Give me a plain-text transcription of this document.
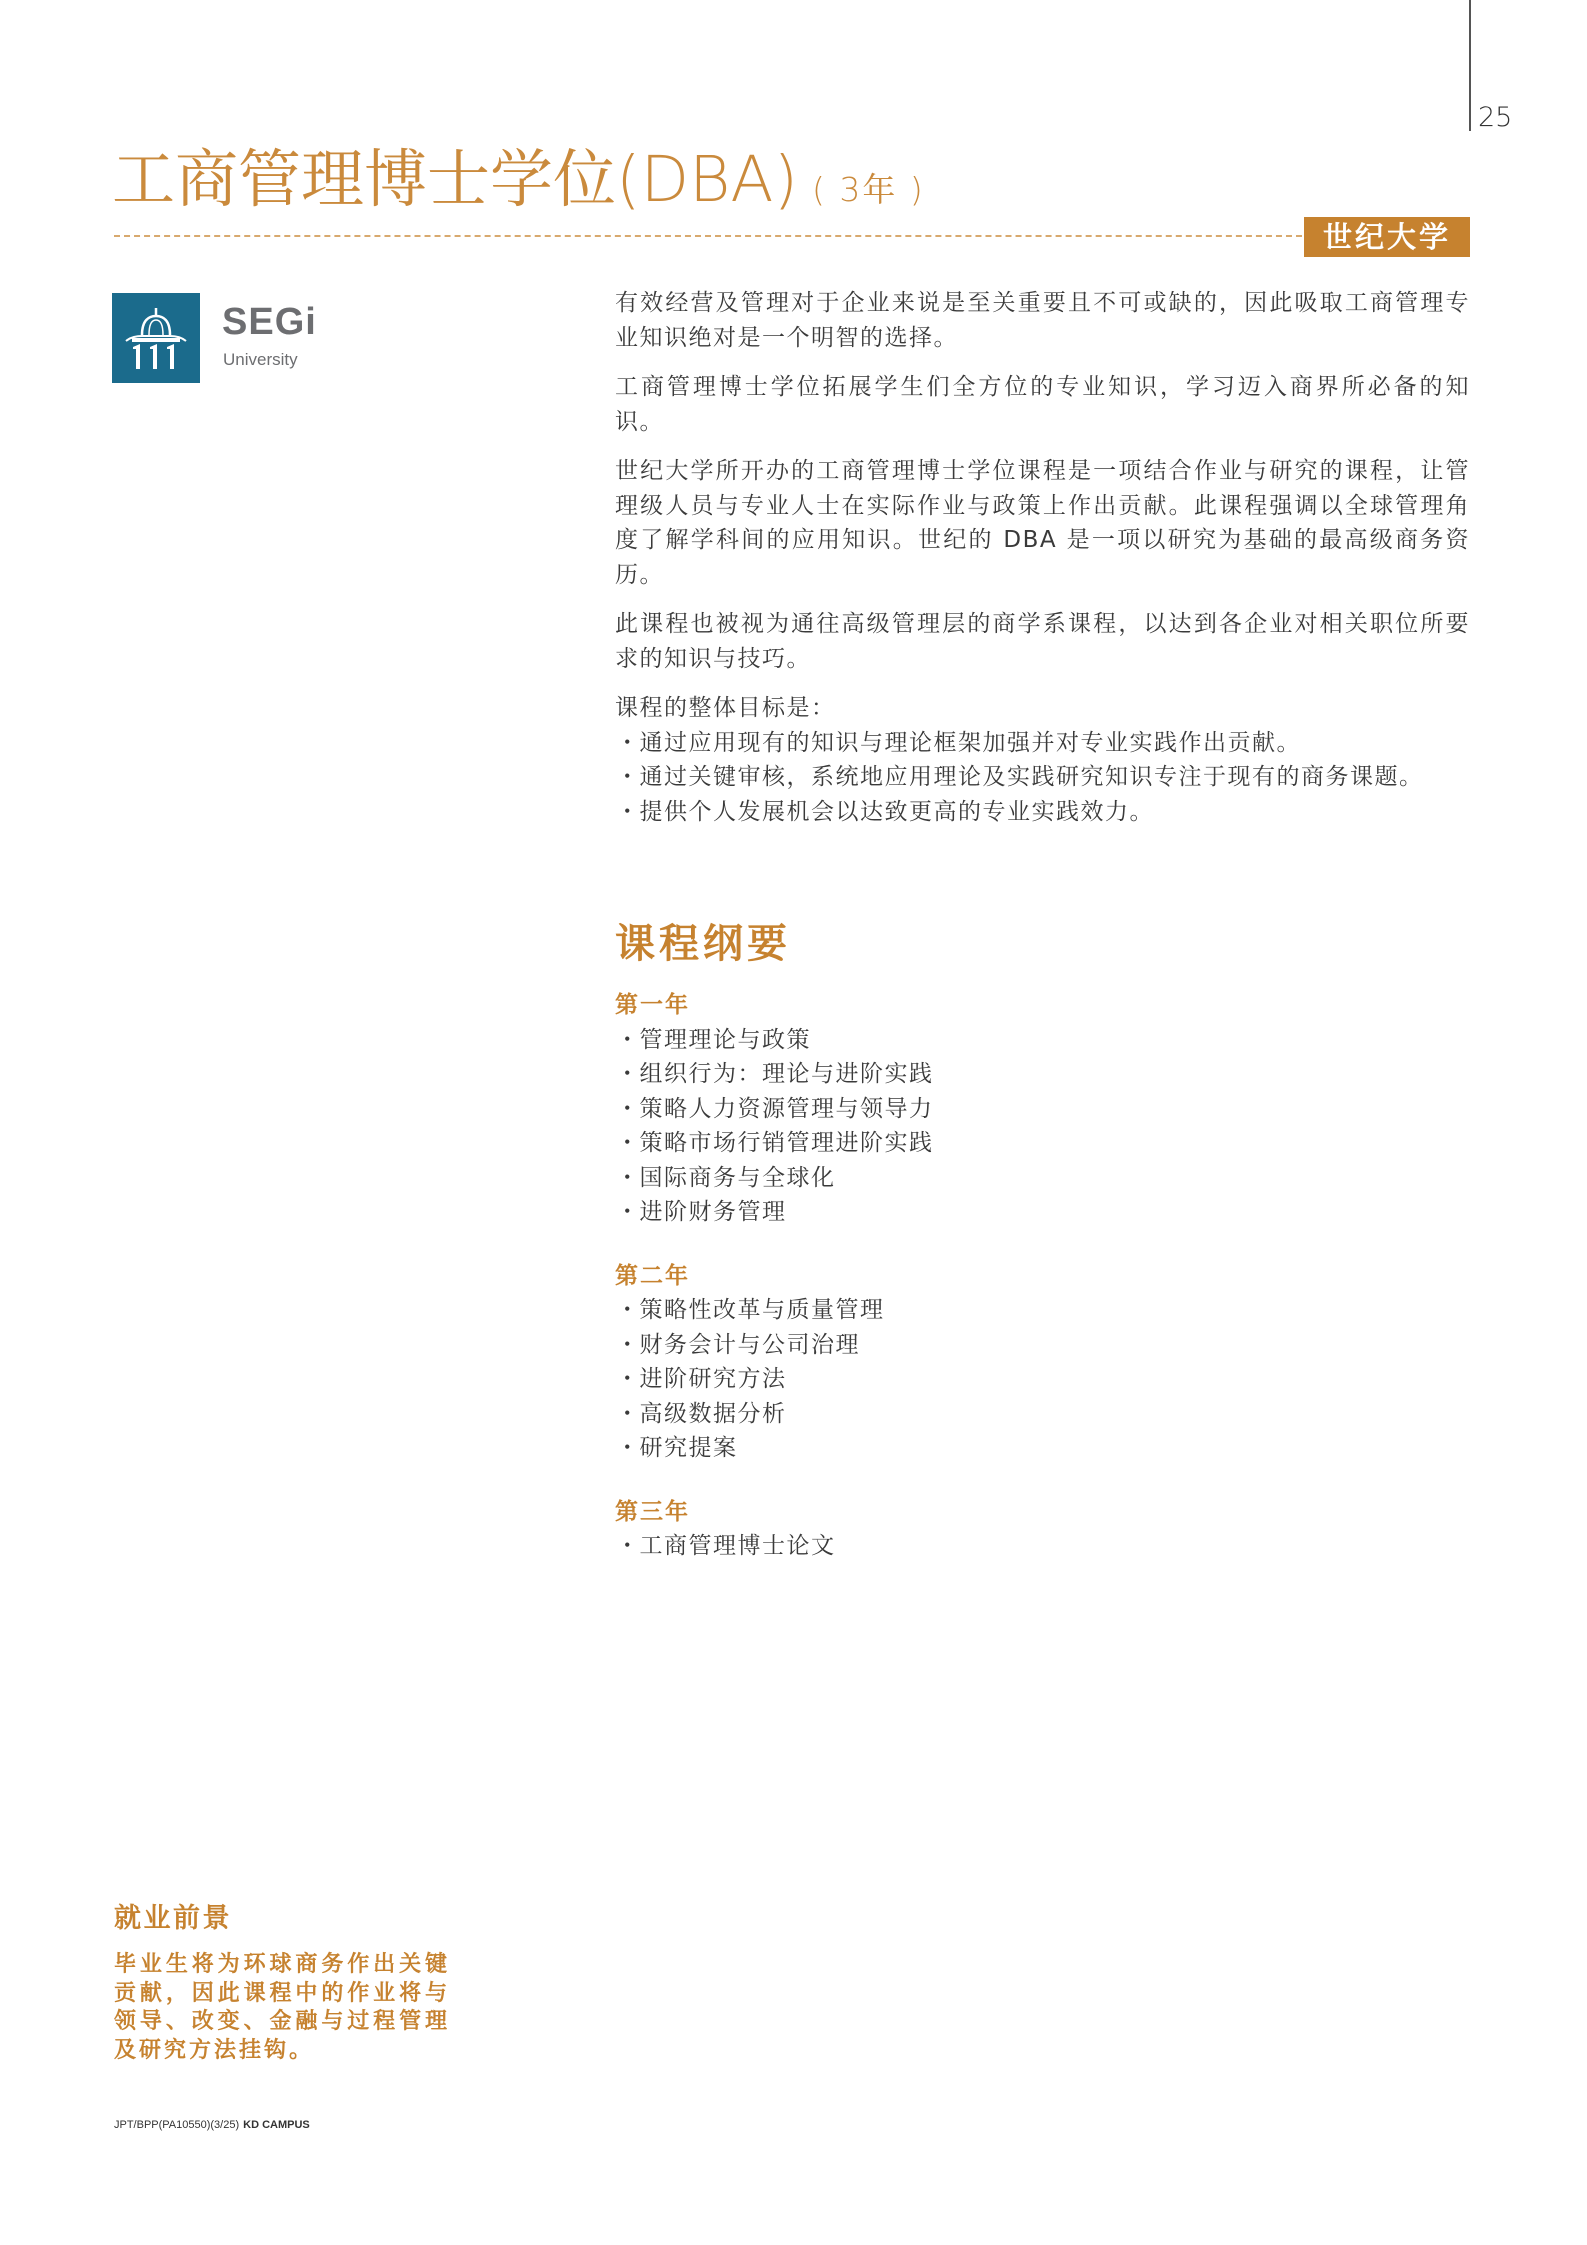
25
工商管理博士学位(DBA) ( 3年 )
世纪大学
SEGi
University
有效经营及管理对于企业来说是至关重要且不可或缺的，因此吸取工商管理专
业知识绝对是一个明智的选择。
工商管理博士学位拓展学生们全方位的专业知识，学习迈入商界所必备的知
识。
世纪大学所开办的工商管理博士学位课程是一项结合作业与研究的课程，让管
理级人员与专业人士在实际作业与政策上作出贡献。此课程强调以全球管理角
度了解学科间的应用知识。世纪的 DBA 是一项以研究为基础的最高级商务资
历。
此课程也被视为通往高级管理层的商学系课程，以达到各企业对相关职位所要
求的知识与技巧。
课程的整体目标是：
・通过应用现有的知识与理论框架加强并对专业实践作出贡献。
・通过关键审核，系统地应用理论及实践研究知识专注于现有的商务课题。
・提供个人发展机会以达致更高的专业实践效力。
课程纲要
第一年
・管理理论与政策
・组织行为：理论与进阶实践
・策略人力资源管理与领导力
・策略市场行销管理进阶实践
・国际商务与全球化
・进阶财务管理
第二年
・策略性改革与质量管理
・财务会计与公司治理
・进阶研究方法
・高级数据分析
・研究提案
第三年
・工商管理博士论文
就业前景
毕业生将为环球商务作出关键
贡献，因此课程中的作业将与
领导、改变、金融与过程管理
及研究方法挂钩。
JPT/BPP(PA10550)(3/25) KD CAMPUS
